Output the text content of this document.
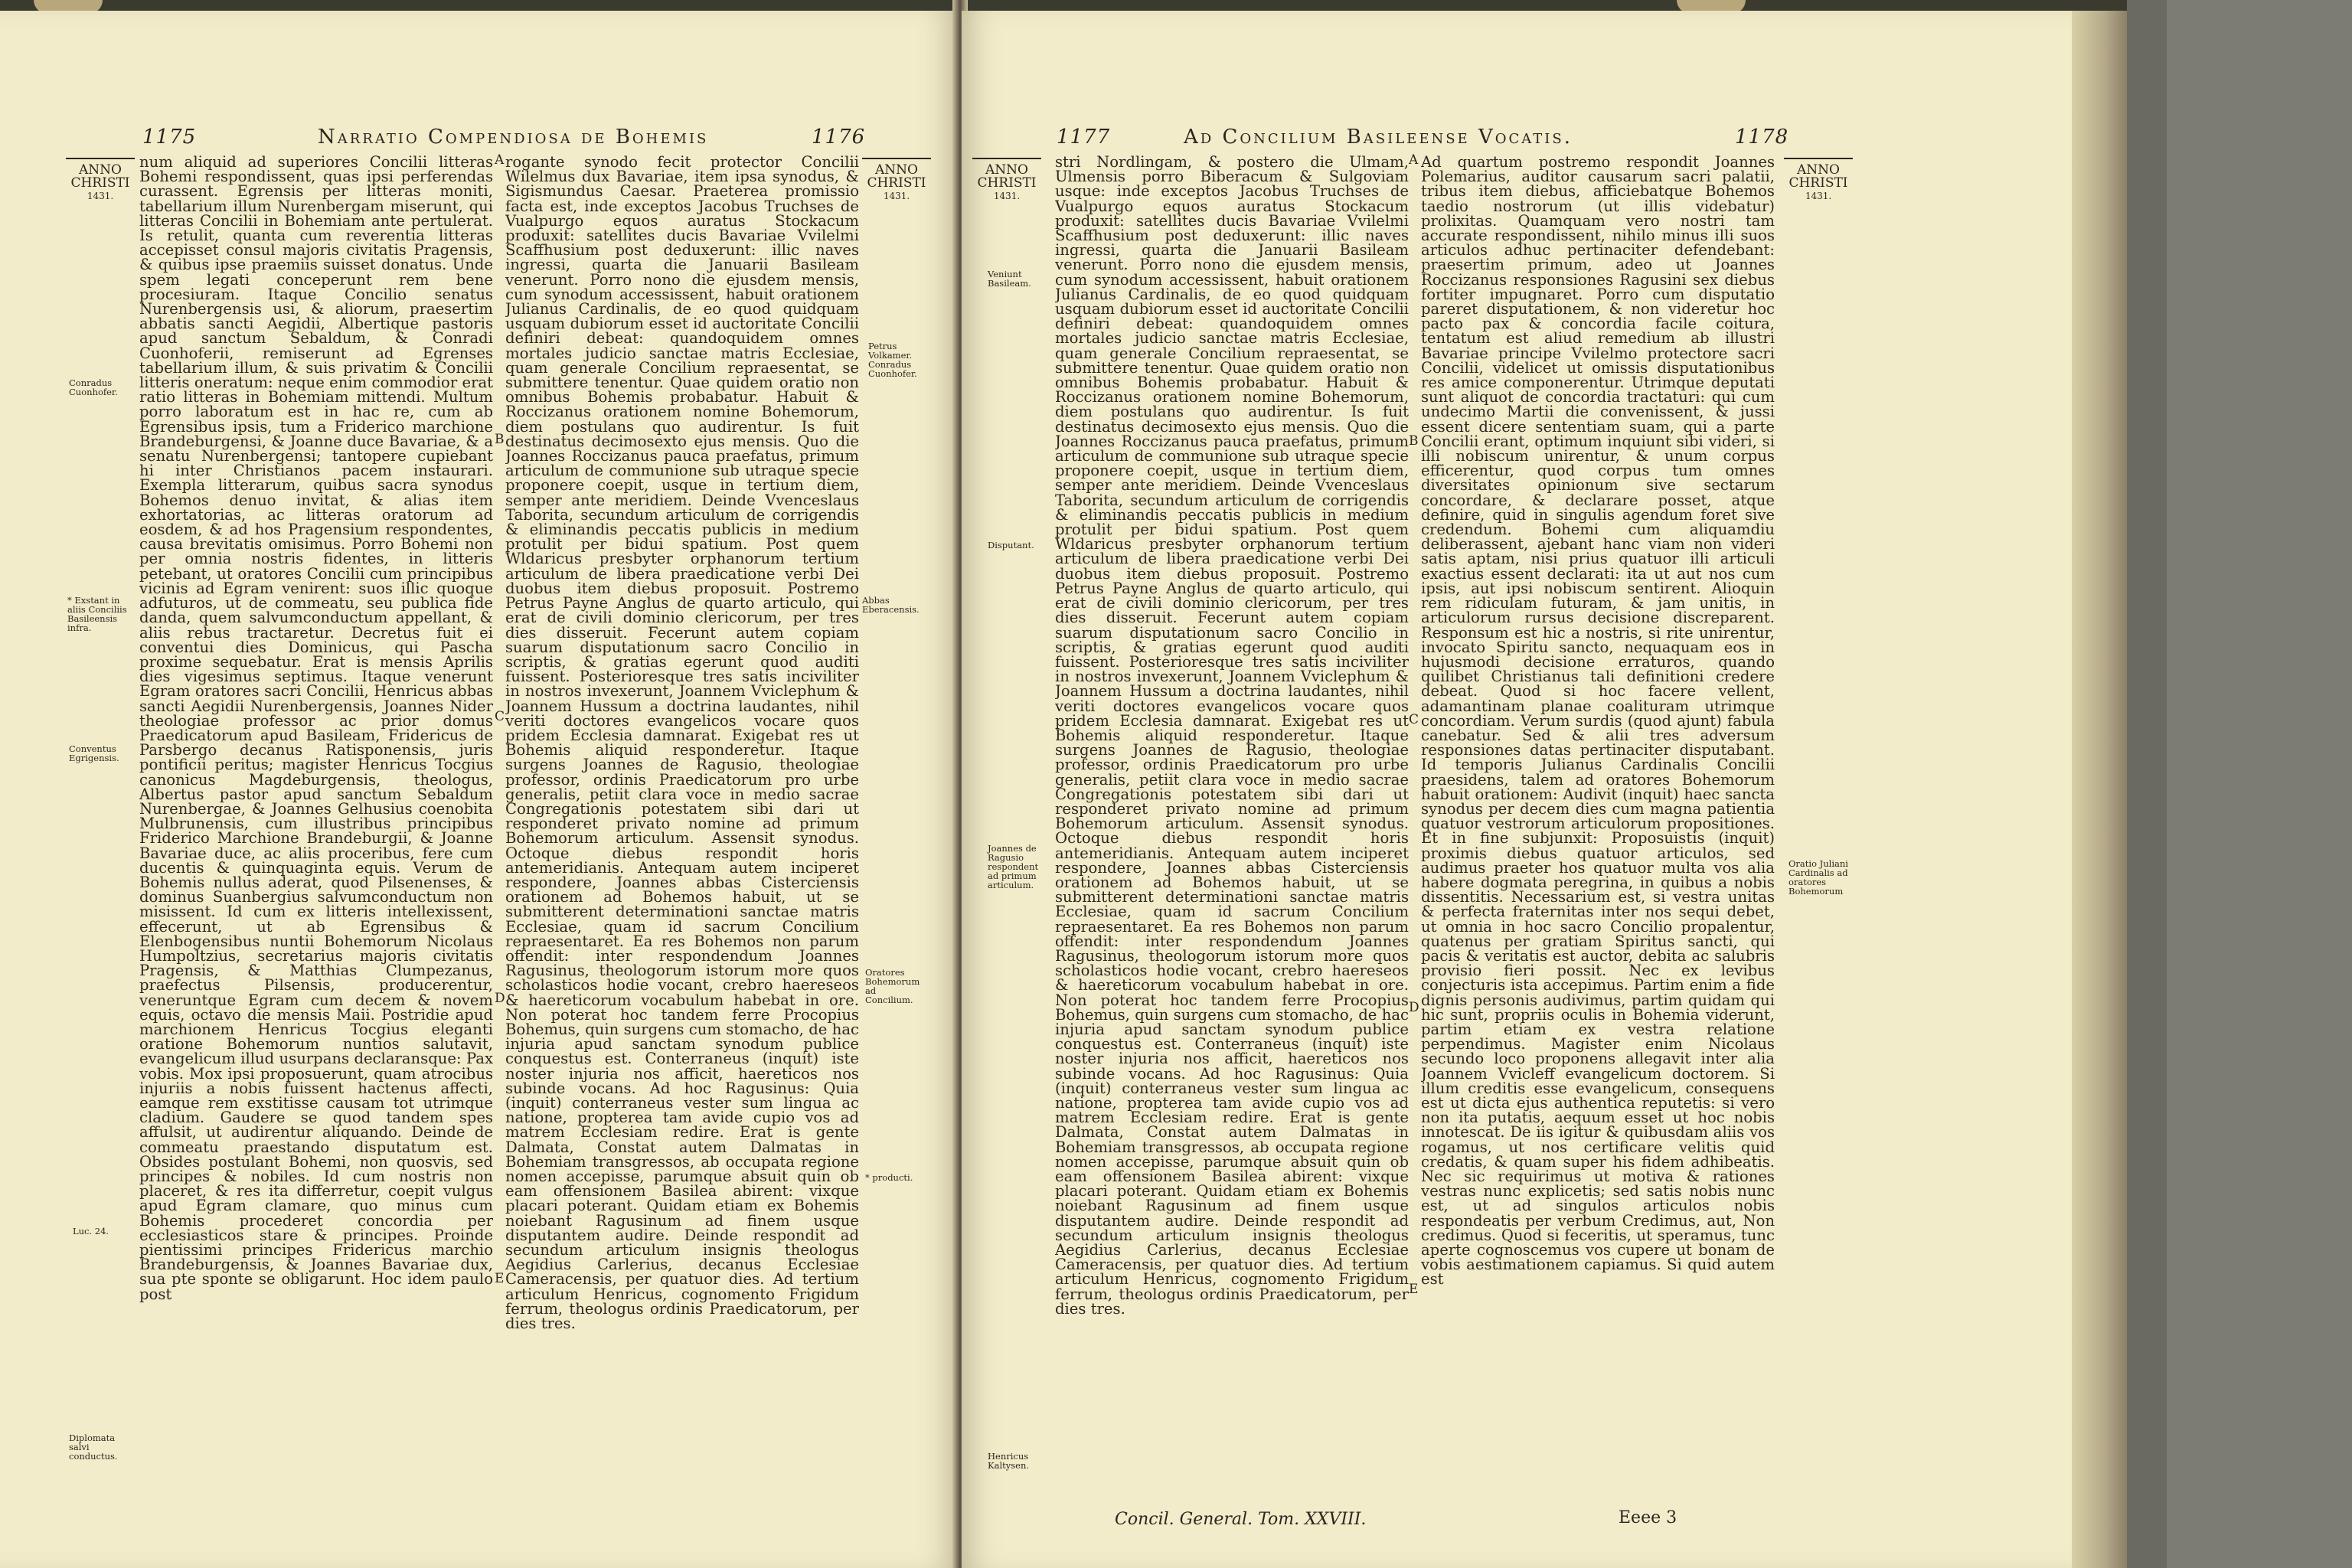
1175	Narratio Compendiosa de Bohemis	1176
ANNO
CHRISTI
1431.
ANNO
CHRISTI
1431.

num aliquid ad superiores Concilii litteras Bohemi respondissent, quas ipsi perferendas curassent. Egrensis per litteras moniti, tabellarium illum Nurenbergam miserunt, qui litteras Concilii in Bohemiam ante pertulerat. Is retulit, quanta cum reverentia litteras accepisset consul majoris civitatis Pragensis, & quibus ipse praemiis suisset donatus. Unde spem legati conceperunt rem bene procesiuram. Itaque Concilio senatus Nurenbergensis usi, & aliorum, praesertim abbatis sancti Aegidii, Albertique pastoris apud sanctum Sebaldum, & Conradi Cuonhoferii, remiserunt ad Egrenses tabellarium illum, & suis privatim & Concilii litteris oneratum: neque enim commodior erat ratio litteras in Bohemiam mittendi. Multum porro laboratum est in hac re, cum ab Egrensibus ipsis, tum a Friderico marchione Brandeburgensi, & Joanne duce Bavariae, & a senatu Nurenbergensi; tantopere cupiebant hi inter Christianos pacem instaurari. Exempla litterarum, quibus sacra synodus Bohemos denuo invitat, & alias item exhortatorias, ac litteras oratorum ad eosdem, & ad hos Pragensium respondentes, causa brevitatis omisimus. Porro Bohemi non per omnia nostris fidentes, in litteris petebant, ut oratores Concilii cum principibus vicinis ad Egram venirent: suos illic quoque adfuturos, ut de commeatu, seu publica fide danda, quem salvumconductum appellant, & aliis rebus tractaretur. Decretus fuit ei conventui dies Dominicus, qui Pascha proxime sequebatur. Erat is mensis Aprilis dies vigesimus septimus. Itaque venerunt Egram oratores sacri Concilii, Henricus abbas sancti Aegidii Nurenbergensis, Joannes Nider theologiae professor ac prior domus Praedicatorum apud Basileam, Fridericus de Parsbergo decanus Ratisponensis, juris pontificii peritus; magister Henricus Tocgius canonicus Magdeburgensis, theologus, Albertus pastor apud sanctum Sebaldum Nurenbergae, & Joannes Gelhusius coenobita Mulbrunensis, cum illustribus principibus Friderico Marchione Brandeburgii, & Joanne Bavariae duce, ac aliis proceribus, fere cum ducentis & quinquaginta equis. Verum de Bohemis nullus aderat, quod Pilsenenses, & dominus Suanbergius salvumconductum non misissent. Id cum ex litteris intellexissent, effecerunt, ut ab Egrensibus & Elenbogensibus nuntii Bohemorum Nicolaus Humpoltzius, secretarius majoris civitatis Pragensis, & Matthias Clumpezanus, praefectus Pilsensis, producerentur, veneruntque Egram cum decem & novem equis, octavo die mensis Maii. Postridie apud marchionem Henricus Tocgius eleganti oratione Bohemorum nuntios salutavit, evangelicum illud usurpans declaransque: Pax vobis. Mox ipsi proposuerunt, quam atrocibus injuriis a nobis fuissent hactenus affecti, eamque rem exstitisse causam tot utrimque cladium. Gaudere se quod tandem spes affulsit, ut audirentur aliquando. Deinde de commeatu praestando disputatum est. Obsides postulant Bohemi, non quosvis, sed principes & nobiles. Id cum nostris non placeret, & res ita differretur, coepit vulgus apud Egram clamare, quo minus cum Bohemis procederet concordia per ecclesiasticos stare & principes. Proinde pientissimi principes Fridericus marchio Brandeburgensis, & Joannes Bavariae dux, sua pte sponte se obligarunt. Hoc idem paulo post

rogante synodo fecit protector Concilii Wilelmus dux Bavariae, item ipsa synodus, & Sigismundus Caesar. Praeterea promissio facta est, inde exceptos Jacobus Truchses de Vualpurgo equos auratus Stockacum produxit: satellites ducis Bavariae Vvilelmi Scaffhusium post deduxerunt: illic naves ingressi, quarta die Januarii Basileam venerunt. Porro nono die ejusdem mensis, cum synodum accessissent, habuit orationem Julianus Cardinalis, de eo quod quidquam usquam dubiorum esset id auctoritate Concilii definiri debeat: quandoquidem omnes mortales judicio sanctae matris Ecclesiae, quam generale Concilium repraesentat, se submittere tenentur. Quae quidem oratio non omnibus Bohemis probabatur. Habuit & Roccizanus orationem nomine Bohemorum, diem postulans quo audirentur. Is fuit destinatus decimosexto ejus mensis. Quo die Joannes Roccizanus pauca praefatus, primum articulum de communione sub utraque specie proponere coepit, usque in tertium diem, semper ante meridiem. Deinde Vvenceslaus Taborita, secundum articulum de corrigendis & eliminandis peccatis publicis in medium protulit per bidui spatium. Post quem Wldaricus presbyter orphanorum tertium articulum de libera praedicatione verbi Dei duobus item diebus proposuit. Postremo Petrus Payne Anglus de quarto articulo, qui erat de civili dominio clericorum, per tres dies disseruit. Fecerunt autem copiam suarum disputationum sacro Concilio in scriptis, & gratias egerunt quod auditi fuissent. Posterioresque tres satis inciviliter in nostros invexerunt, Joannem Vviclephum & Joannem Hussum a doctrina laudantes, nihil veriti doctores evangelicos vocare quos pridem Ecclesia damnarat. Exigebat res ut Bohemis aliquid responderetur. Itaque surgens Joannes de Ragusio, theologiae professor, ordinis Praedicatorum pro urbe generalis, petiit clara voce in medio sacrae Congregationis potestatem sibi dari ut responderet privato nomine ad primum Bohemorum articulum. Assensit synodus. Octoque diebus respondit horis antemeridianis. Antequam autem inciperet respondere, Joannes abbas Cisterciensis orationem ad Bohemos habuit, ut se submitterent determinationi sanctae matris Ecclesiae, quam id sacrum Concilium repraesentaret. Ea res Bohemos non parum offendit: inter respondendum Joannes Ragusinus, theologorum istorum more quos scholasticos hodie vocant, crebro haereseos & haereticorum vocabulum habebat in ore. Non poterat hoc tandem ferre Procopius Bohemus, quin surgens cum stomacho, de hac injuria apud sanctam synodum publice conquestus est. Conterraneus (inquit) iste noster injuria nos afficit, haereticos nos subinde vocans. Ad hoc Ragusinus: Quia (inquit) conterraneus vester sum lingua ac natione, propterea tam avide cupio vos ad matrem Ecclesiam redire. Erat is gente Dalmata, Constat autem Dalmatas in Bohemiam transgressos, ab occupata regione nomen accepisse, parumque absuit quin ob eam offensionem Basilea abirent: vixque placari poterant. Quidam etiam ex Bohemis noiebant Ragusinum ad finem usque disputantem audire. Deinde respondit ad secundum articulum insignis theologus Aegidius Carlerius, decanus Ecclesiae Cameracensis, per quatuor dies. Ad tertium articulum Henricus, cognomento Frigidum ferrum, theologus ordinis Praedicatorum, per dies tres.

Conradus Cuonhofer.
* Exstant in aliis Conciliis Basileensis infra.
Conventus Egrigensis.
Luc. 24.
Diplomata salvi conductus.
Petrus Volkamer. Conradus Cuonhofer.
Abbas Eberacensis.
Oratores Bohemorum ad Concilium.
* producti.
A
B
C
D
E
1177	Ad Concilium Basileense Vocatis.	1178
ANNO
CHRISTI
1431.
ANNO
CHRISTI
1431.

stri Nordlingam, & postero die Ulmam, Ulmensis porro Biberacum & Sulgoviam usque: inde exceptos Jacobus Truchses de Vualpurgo equos auratus Stockacum produxit: satellites ducis Bavariae Vvilelmi Scaffhusium post deduxerunt: illic naves ingressi, quarta die Januarii Basileam venerunt. Porro nono die ejusdem mensis, cum synodum accessissent, habuit orationem Julianus Cardinalis, de eo quod quidquam usquam dubiorum esset id auctoritate Concilii definiri debeat: quandoquidem omnes mortales judicio sanctae matris Ecclesiae, quam generale Concilium repraesentat, se submittere tenentur. Quae quidem oratio non omnibus Bohemis probabatur. Habuit & Roccizanus orationem nomine Bohemorum, diem postulans quo audirentur. Is fuit destinatus decimosexto ejus mensis. Quo die Joannes Roccizanus pauca praefatus, primum articulum de communione sub utraque specie proponere coepit, usque in tertium diem, semper ante meridiem. Deinde Vvenceslaus Taborita, secundum articulum de corrigendis & eliminandis peccatis publicis in medium protulit per bidui spatium. Post quem Wldaricus presbyter orphanorum tertium articulum de libera praedicatione verbi Dei duobus item diebus proposuit. Postremo Petrus Payne Anglus de quarto articulo, qui erat de civili dominio clericorum, per tres dies disseruit. Fecerunt autem copiam suarum disputationum sacro Concilio in scriptis, & gratias egerunt quod auditi fuissent. Posterioresque tres satis inciviliter in nostros invexerunt, Joannem Vviclephum & Joannem Hussum a doctrina laudantes, nihil veriti doctores evangelicos vocare quos pridem Ecclesia damnarat. Exigebat res ut Bohemis aliquid responderetur. Itaque surgens Joannes de Ragusio, theologiae professor, ordinis Praedicatorum pro urbe generalis, petiit clara voce in medio sacrae Congregationis potestatem sibi dari ut responderet privato nomine ad primum Bohemorum articulum. Assensit synodus. Octoque diebus respondit horis antemeridianis. Antequam autem inciperet respondere, Joannes abbas Cisterciensis orationem ad Bohemos habuit, ut se submitterent determinationi sanctae matris Ecclesiae, quam id sacrum Concilium repraesentaret. Ea res Bohemos non parum offendit: inter respondendum Joannes Ragusinus, theologorum istorum more quos scholasticos hodie vocant, crebro haereseos & haereticorum vocabulum habebat in ore. Non poterat hoc tandem ferre Procopius Bohemus, quin surgens cum stomacho, de hac injuria apud sanctam synodum publice conquestus est. Conterraneus (inquit) iste noster injuria nos afficit, haereticos nos subinde vocans. Ad hoc Ragusinus: Quia (inquit) conterraneus vester sum lingua ac natione, propterea tam avide cupio vos ad matrem Ecclesiam redire. Erat is gente Dalmata, Constat autem Dalmatas in Bohemiam transgressos, ab occupata regione nomen accepisse, parumque absuit quin ob eam offensionem Basilea abirent: vixque placari poterant. Quidam etiam ex Bohemis noiebant Ragusinum ad finem usque disputantem audire. Deinde respondit ad secundum articulum insignis theologus Aegidius Carlerius, decanus Ecclesiae Cameracensis, per quatuor dies. Ad tertium articulum Henricus, cognomento Frigidum ferrum, theologus ordinis Praedicatorum, per dies tres.

Ad quartum postremo respondit Joannes Polemarius, auditor causarum sacri palatii, tribus item diebus, afficiebatque Bohemos taedio nostrorum (ut illis videbatur) prolixitas. Quamquam vero nostri tam accurate respondissent, nihilo minus illi suos articulos adhuc pertinaciter defendebant: praesertim primum, adeo ut Joannes Roccizanus responsiones Ragusini sex diebus fortiter impugnaret. Porro cum disputatio pareret disputationem, & non videretur hoc pacto pax & concordia facile coitura, tentatum est aliud remedium ab illustri Bavariae principe Vvilelmo protectore sacri Concilii, videlicet ut omissis disputationibus res amice componerentur. Utrimque deputati sunt aliquot de concordia tractaturi: qui cum undecimo Martii die convenissent, & jussi essent dicere sententiam suam, qui a parte Concilii erant, optimum inquiunt sibi videri, si illi nobiscum unirentur, & unum corpus efficerentur, quod corpus tum omnes diversitates opinionum sive sectarum concordare, & declarare posset, atque definire, quid in singulis agendum foret sive credendum. Bohemi cum aliquamdiu deliberassent, ajebant hanc viam non videri satis aptam, nisi prius quatuor illi articuli exactius essent declarati: ita ut aut nos cum ipsis, aut ipsi nobiscum sentirent. Alioquin rem ridiculam futuram, & jam unitis, in articulorum rursus decisione discreparent. Responsum est hic a nostris, si rite unirentur, invocato Spiritu sancto, nequaquam eos in hujusmodi decisione erraturos, quando quilibet Christianus tali definitioni credere debeat. Quod si hoc facere vellent, adamantinam planae coalituram utrimque concordiam. Verum surdis (quod ajunt) fabula canebatur. Sed & alii tres adversum responsiones datas pertinaciter disputabant. Id temporis Julianus Cardinalis Concilii praesidens, talem ad oratores Bohemorum habuit orationem: Audivit (inquit) haec sancta synodus per decem dies cum magna patientia quatuor vestrorum articulorum propositiones. Et in fine subjunxit: Proposuistis (inquit) proximis diebus quatuor articulos, sed audimus praeter hos quatuor multa vos alia habere dogmata peregrina, in quibus a nobis dissentitis. Necessarium est, si vestra unitas & perfecta fraternitas inter nos sequi debet, ut omnia in hoc sacro Concilio propalentur, quatenus per gratiam Spiritus sancti, qui pacis & veritatis est auctor, debita ac salubris provisio fieri possit. Nec ex levibus conjecturis ista accepimus. Partim enim a fide dignis personis audivimus, partim quidam qui hic sunt, propriis oculis in Bohemia viderunt, partim etiam ex vestra relatione perpendimus. Magister enim Nicolaus secundo loco proponens allegavit inter alia Joannem Vvicleff evangelicum doctorem. Si illum creditis esse evangelicum, consequens est ut dicta ejus authentica reputetis: si vero non ita putatis, aequum esset ut hoc nobis innotescat. De iis igitur & quibusdam aliis vos rogamus, ut nos certificare velitis quid credatis, & quam super his fidem adhibeatis. Nec sic requirimus ut motiva & rationes vestras nunc explicetis; sed satis nobis nunc est, ut ad singulos articulos nobis respondeatis per verbum Credimus, aut, Non credimus. Quod si feceritis, ut speramus, tunc aperte cognoscemus vos cupere ut bonam de vobis aestimationem capiamus. Si quid autem est

Veniunt Basileam.
Disputant.
Joannes de Ragusio respondent ad primum articulum.
Henricus Kaltysen.
Oratio Juliani Cardinalis ad oratores Bohemorum
A
B
C
D
E
Concil. General. Tom. XXVIII.	Eeee 3
